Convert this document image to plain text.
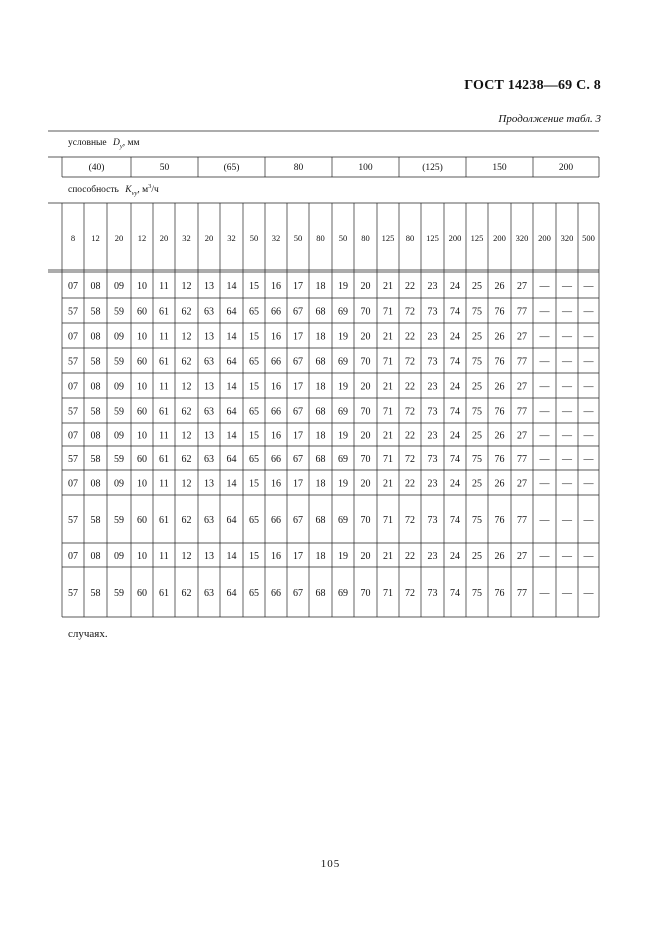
ГОСТ 14238—69 С. 8
Продолжение табл. 3
условные $D_y$, мм
способность $K_{vy}$, $м^3/ч$
(40)	50	(65)	80	100	(125)	150	200
8 12 20 12 20 32 20 32 50 32 50 80 50 80 125 80 125 200 125 200 320 200 320 500
07 08 09 10 11 12 13 14 15 16 17 18 19 20 21 22 23 24 25 26 27 — — —
57 58 59 60 61 62 63 64 65 66 67 68 69 70 71 72 73 74 75 76 77 — — —
07 08 09 10 11 12 13 14 15 16 17 18 19 20 21 22 23 24 25 26 27 — — —
57 58 59 60 61 62 63 64 65 66 67 68 69 70 71 72 73 74 75 76 77 — — —
07 08 09 10 11 12 13 14 15 16 17 18 19 20 21 22 23 24 25 26 27 — — —
57 58 59 60 61 62 63 64 65 66 67 68 69 70 71 72 73 74 75 76 77 — — —
07 08 09 10 11 12 13 14 15 16 17 18 19 20 21 22 23 24 25 26 27 — — —
57 58 59 60 61 62 63 64 65 66 67 68 69 70 71 72 73 74 75 76 77 — — —
07 08 09 10 11 12 13 14 15 16 17 18 19 20 21 22 23 24 25 26 27 — — —
57 58 59 60 61 62 63 64 65 66 67 68 69 70 71 72 73 74 75 76 77 — — —
07 08 09 10 11 12 13 14 15 16 17 18 19 20 21 22 23 24 25 26 27 — — —
57 58 59 60 61 62 63 64 65 66 67 68 69 70 71 72 73 74 75 76 77 — — —
случаях.
105
